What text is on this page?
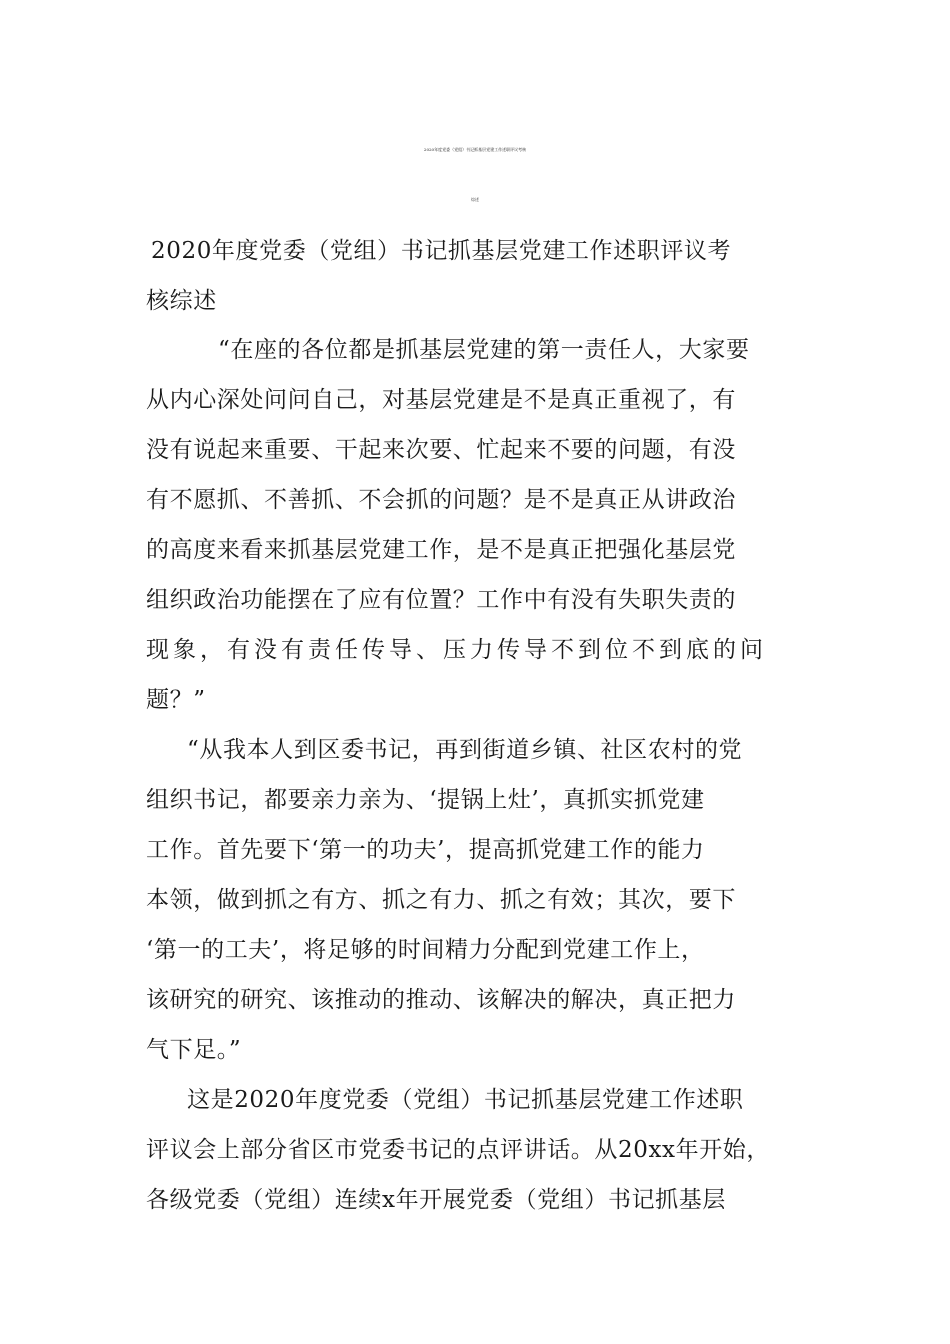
2020年度党委（党组）书记抓基层党建工作述职评议考核
综述
2020年度党委（党组）书记抓基层党建工作述职评议考
核综述
“在座的各位都是抓基层党建的第一责任人，大家要
从内心深处问问自己，对基层党建是不是真正重视了，有
没有说起来重要、干起来次要、忙起来不要的问题，有没
有不愿抓、不善抓、不会抓的问题？是不是真正从讲政治
的高度来看来抓基层党建工作，是不是真正把强化基层党
组织政治功能摆在了应有位置？工作中有没有失职失责的
现象，有没有责任传导、压力传导不到位不到底的问
题？”
“从我本人到区委书记，再到街道乡镇、社区农村的党
组织书记，都要亲力亲为、‘提锅上灶’，真抓实抓党建
工作。首先要下‘第一的功夫’，提高抓党建工作的能力
本领，做到抓之有方、抓之有力、抓之有效；其次，要下
‘第一的工夫’，将足够的时间精力分配到党建工作上，
该研究的研究、该推动的推动、该解决的解决，真正把力
气下足。”
这是2020年度党委（党组）书记抓基层党建工作述职
评议会上部分省区市党委书记的点评讲话。从20xx年开始，
各级党委（党组）连续x年开展党委（党组）书记抓基层
